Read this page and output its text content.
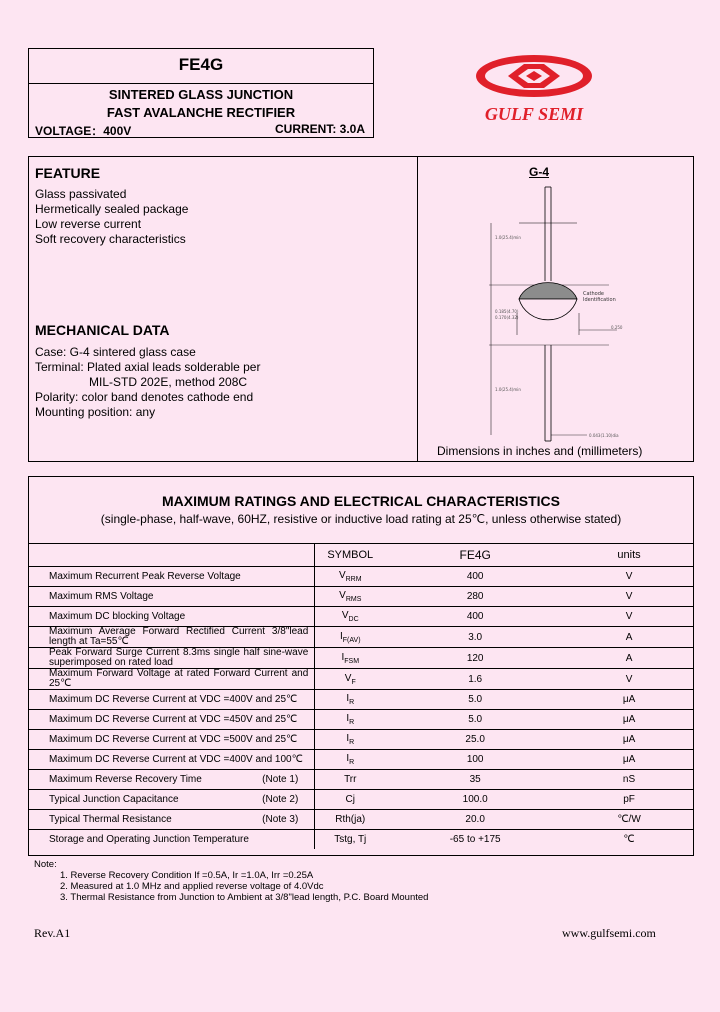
FE4G
SINTERED GLASS JUNCTION
FAST AVALANCHE RECTIFIER
VOLTAGE：400V	CURRENT: 3.0A
GULF SEMI
FEATURE
Glass passivated
Hermetically sealed package
Low reverse current
Soft recovery characteristics
MECHANICAL DATA
Case: G-4 sintered glass case
Terminal: Plated axial leads solderable per
MIL-STD 202E, method 208C
Polarity: color band denotes cathode end
Mounting position: any
G-4
1.0(25.4)min
0.185(4.70)
0.170(4.32)
1.0(25.4)min
0.043(1.10)dia
0.250
Cathode
Identification
Dimensions in inches and (millimeters)
MAXIMUM RATINGS AND ELECTRICAL CHARACTERISTICS
(single-phase, half-wave, 60HZ, resistive or inductive load rating at 25℃, unless otherwise stated)
	SYMBOL	FE4G	units
Maximum Recurrent Peak Reverse Voltage	$V_{RRM}$	400	V
Maximum RMS Voltage	$V_{RMS}$	280	V
Maximum DC blocking Voltage	$V_{DC}$	400	V
Maximum Average Forward Rectified Current 3/8"lead length at Ta=55℃	$I_{F(AV)}$	3.0	A
Peak Forward Surge Current 8.3ms single half sine-wave superimposed on rated load	$I_{FSM}$	120	A
Maximum Forward Voltage at rated Forward Current and 25℃	$V_F$	1.6	V
Maximum DC Reverse Current at VDC =400V and 25℃	$I_R$	5.0	μA
Maximum DC Reverse Current at VDC =450V and 25℃	$I_R$	5.0	μA
Maximum DC Reverse Current at VDC =500V and 25℃	$I_R$	25.0	μA
Maximum DC Reverse Current at VDC =400V and 100℃	$I_R$	100	μA
Maximum Reverse Recovery Time (Note 1)	Trr	35	nS
Typical Junction Capacitance (Note 2)	Cj	100.0	pF
Typical Thermal Resistance (Note 3)	Rth(ja)	20.0	℃/W
Storage and Operating Junction Temperature	Tstg, Tj	-65 to +175	℃
Note:
1. Reverse Recovery Condition If =0.5A, Ir =1.0A, Irr =0.25A
2. Measured at 1.0 MHz and applied reverse voltage of 4.0Vdc
3. Thermal Resistance from Junction to Ambient at 3/8"lead length, P.C. Board Mounted
Rev.A1	www.gulfsemi.com
